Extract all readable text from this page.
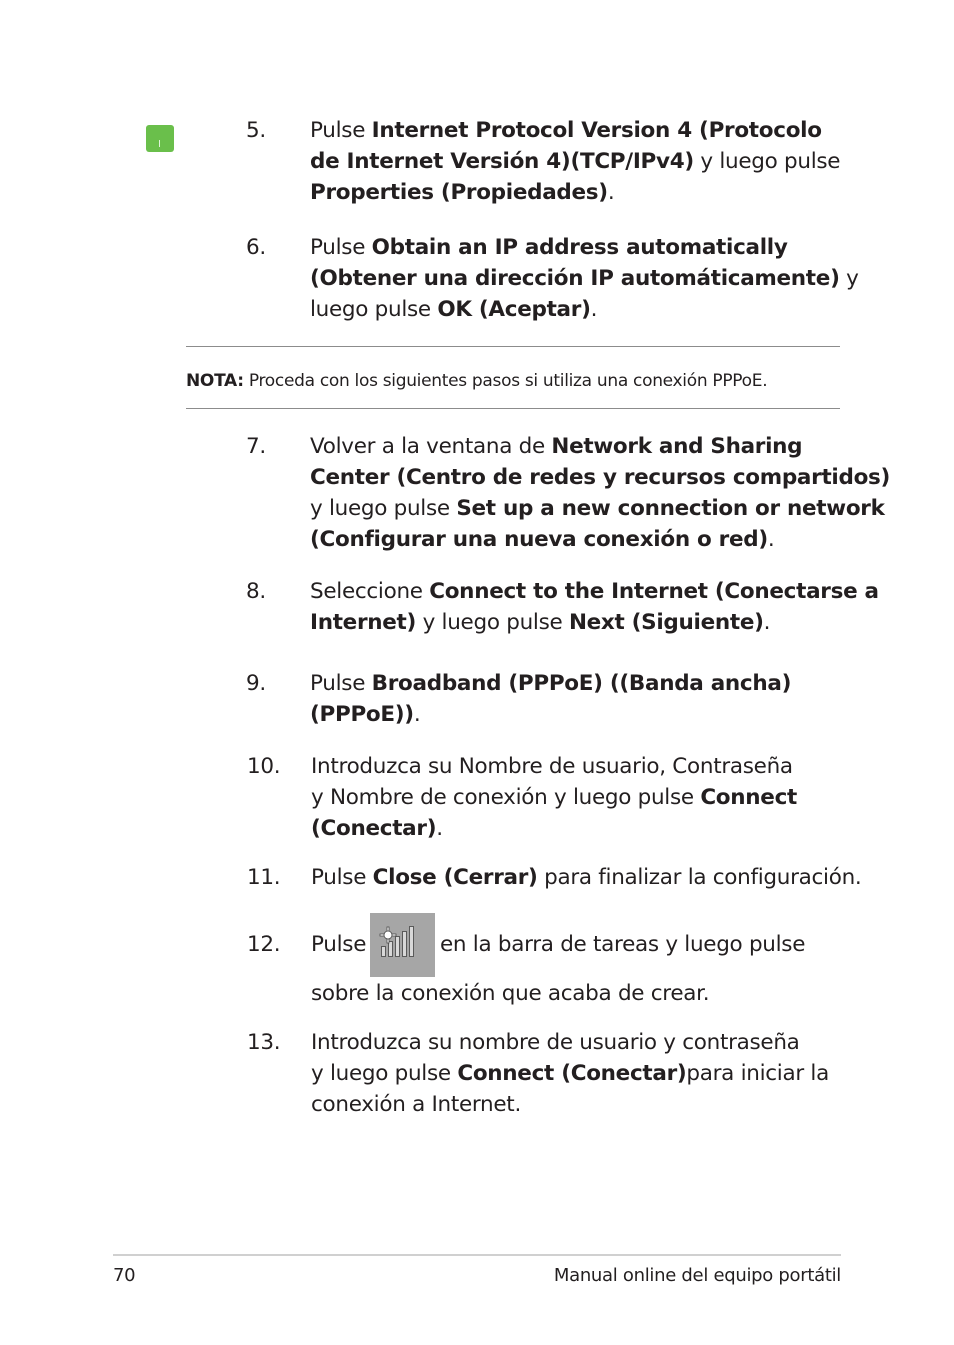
5. Pulse Internet Protocol Version 4 (Protocolo
de Internet Versión 4)(TCP/IPv4) y luego pulse
Properties (Propiedades).
6. Pulse Obtain an IP address automatically
(Obtener una dirección IP automáticamente) y
luego pulse OK (Aceptar).
NOTA: Proceda con los siguientes pasos si utiliza una conexión PPPoE.
7. Volver a la ventana de Network and Sharing
Center (Centro de redes y recursos compartidos)
y luego pulse Set up a new connection or network
(Configurar una nueva conexión o red).
8. Seleccione Connect to the Internet (Conectarse a
Internet) y luego pulse Next (Siguiente).
9. Pulse Broadband (PPPoE) ((Banda ancha)
(PPPoE)).
10. Introduzca su Nombre de usuario, Contraseña
y Nombre de conexión y luego pulse Connect
(Conectar).
11. Pulse Close (Cerrar) para finalizar la configuración.
12. Pulse	en la barra de tareas y luego pulse
sobre la conexión que acaba de crear.
13. Introduzca su nombre de usuario y contraseña
y luego pulse Connect (Conectar)para iniciar la
conexión a Internet.
70	Manual online del equipo portátil
